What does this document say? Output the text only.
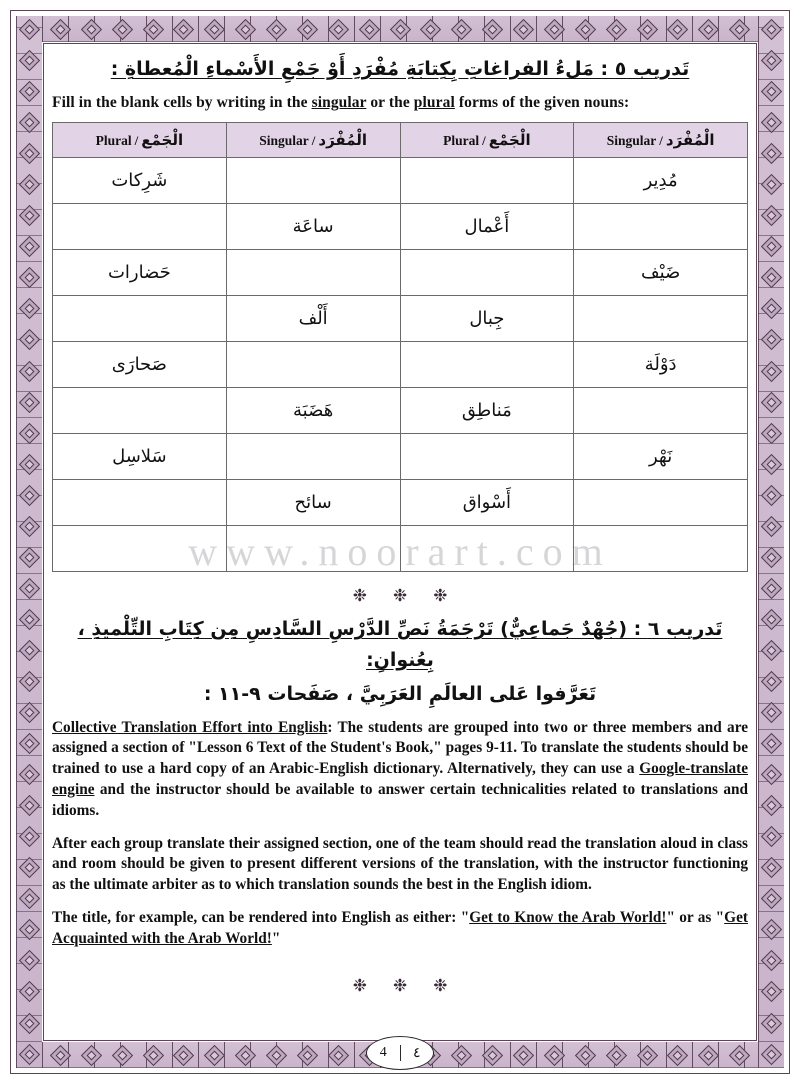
تَدريب ٥ : مَلءُ الفراغاتِ بِكِتابَةِ مُفْرَدِ أَوْ جَمْعِ الأَسْماءِ الْمُعطاةِ :
Fill in the blank cells by writing in the singular or the plural forms of the given nouns:
الْجَمْع/Plural	الْمُفْرَد/Singular	الْجَمْع/Plural	الْمُفْرَد/Singular
شَرِكات			مُدِير
	ساعَة	أَعْمال	
حَضارات			ضَيْف
	أَلْف	جِبال	
صَحارَى			دَوْلَة
	هَضَبَة	مَناطِق	
سَلاسِل			نَهْر
	سائح	أَسْواق	

❉❉❉
تَدريب ٦ : (جُهْدٌ جَماعِيٌّ) تَرْجَمَةُ نَصِّ الدَّرْسِ السَّادِسِ مِن كِتَابِ التِّلْميذِ ، بِعُنوانِ:
تَعَرَّفوا عَلى العالَمِ العَرَبِيَّ ، صَفَحات ٩-١١ :

Collective Translation Effort into English: The students are grouped into two or three members and are assigned a section of "Lesson 6 Text of the Student's Book," pages 9-11. To translate the students should be trained to use a hard copy of an Arabic-English dictionary. Alternatively, they can use a Google-translate engine and the instructor should be available to answer certain technicalities related to translations and idioms.

After each group translate their assigned section, one of the team should read the translation aloud in class and room should be given to present different versions of the translation, with the instructor functioning as the ultimate arbiter as to which translation sounds the best in the English idiom.

The title, for example, can be rendered into English as either: "Get to Know the Arab World!" or as "Get Acquainted with the Arab World!"

❉❉❉
www.noorart.com
4	٤
